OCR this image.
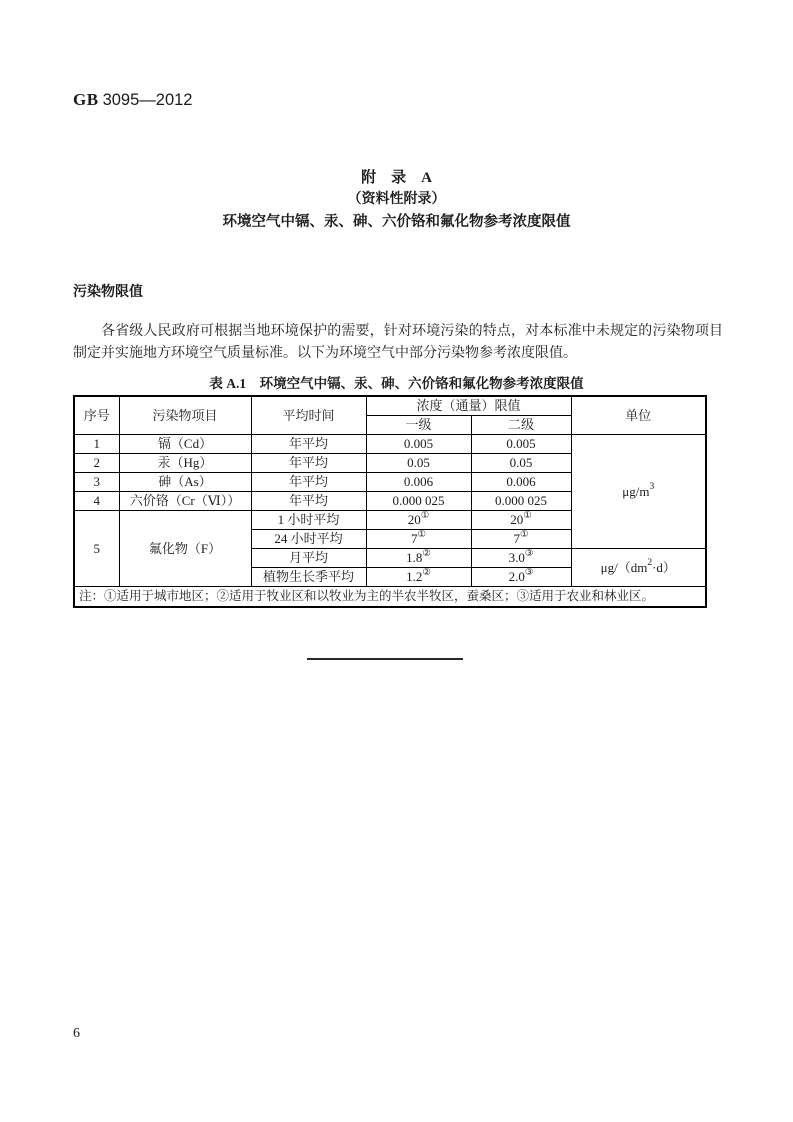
GB 3095—2012
附　录　A
（资料性附录）
环境空气中镉、汞、砷、六价铬和氟化物参考浓度限值
污染物限值
各省级人民政府可根据当地环境保护的需要，针对环境污染的特点，对本标准中未规定的污染物项目制定并实施地方环境空气质量标准。以下为环境空气中部分污染物参考浓度限值。
表 A.1　环境空气中镉、汞、砷、六价铬和氟化物参考浓度限值
序号	污染物项目	平均时间	浓度（通量）限值		单位
			一级	二级	
1	镉（Cd）	年平均	0.005	0.005	$\mu g/m^3$
2	汞（Hg）	年平均	0.05	0.05	
3	砷（As）	年平均	0.006	0.006	
4	六价铬（Cr（Ⅵ））	年平均	0.000 025	0.000 025	
5	氟化物（F）	1 小时平均	20①	20①
		24 小时平均	7①	7①
		月平均	1.8②	3.0③	$\mu g/(dm^2\cdot d)$
		植物生长季平均	1.2②	2.0③
注：①适用于城市地区；②适用于牧业区和以牧业为主的半农半牧区，蚕桑区；③适用于农业和林业区。					
6
